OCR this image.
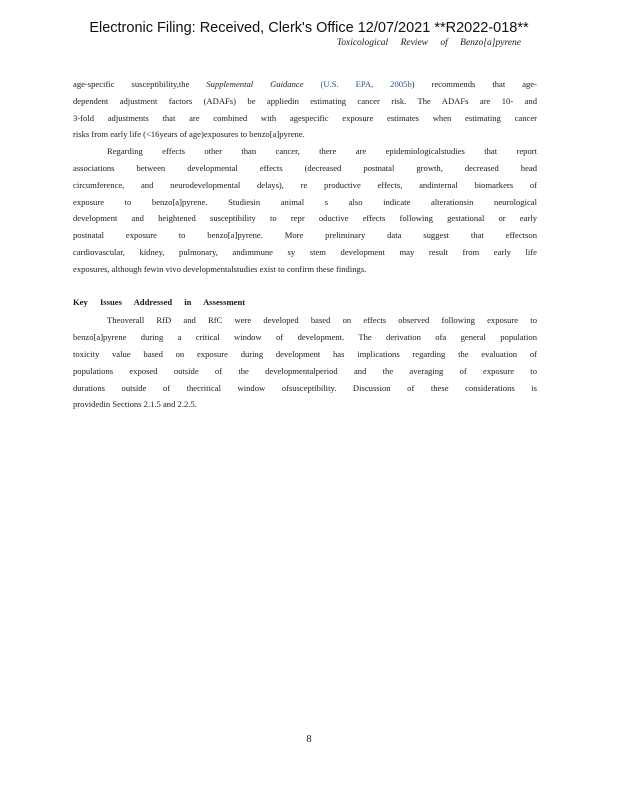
Electronic Filing: Received, Clerk's Office 12/07/2021 **R2022-018**
Toxicological Review of Benzo[a]pyrene

age-specific susceptibility,the Supplemental Guidance (U.S. EPA, 2005b) recommends that age-
dependent adjustment factors (ADAFs) be appliedin estimating cancer risk. The ADAFs are 10- and
3-fold adjustments that are combined with agespecific exposure estimates when estimating cancer
risks from early life (<16years of age)exposures to benzo[a]pyrene.

Regarding effects other than cancer, there are epidemiologicalstudies that report
associations between developmental effects (decreased postnatal growth, decreased head
circumference, and neurodevelopmental delays), re productive effects, andinternal biomarkers of
exposure to benzo[a]pyrene. Studiesin animal s also indicate alterationsin neurological
development and heightened susceptibility to repr oductive effects following gestational or early
postnatal exposure to benzo[a]pyrene. More preliminary data suggest that effectson
cardiovascular, kidney, pulmonary, andimmune sy stem development may result from early life
exposures, although fewin vivo developmentalstudies exist to confirm these findings.

Key Issues Addressed in Assessment

Theoverall RfD and RfC were developed based on effects observed following exposure to
benzo[a]pyrene during a critical window of development. The derivation ofa general population
toxicity value based on exposure during development has implications regarding the evaluation of
populations exposed outside of the developmentalperiod and the averaging of exposure to
durations outside of thecritical window ofsusceptibility. Discussion of these considerations is
providedin Sections 2.1.5 and 2.2.5.

8
